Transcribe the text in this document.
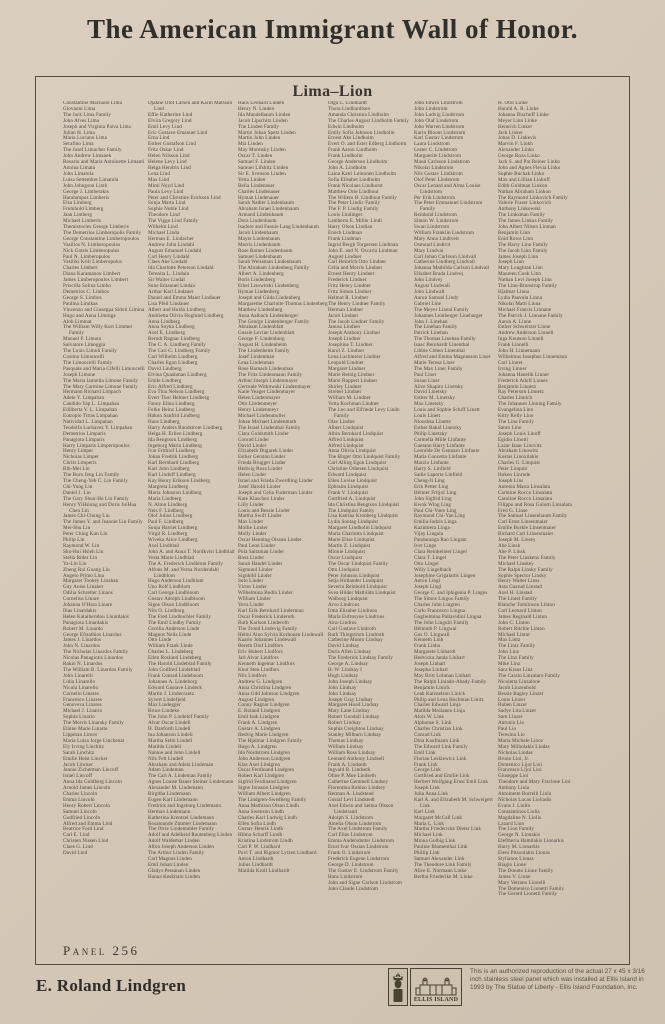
The American Immigrant Wall of Honor.
Lima–Lion
Constantine Machado Lima
Giovanni Lima
The Jack Lima Family
John Alves Lima
Joseph and Virginia Paiva Lima
Julian H. Lima
Maria Luciano Lima
Serafino Lima
The Josef Limacher Family
John Andrew Limanek
Rosario and Maria Antoinette Limanti
Annina Limata
John Limatola
Luisa Settembre Limatola
John Johngson Limb
George J. Limberakis
Haralampos Limberis
Elsa Limberg
Fromhold Limberg
Jaan Limberg
Michael Limberis
Themistocles George Limberis
The Demetrios Limberopolis Family
George Constantine Limberopoulos
Vasilios N. Limberopoulos
Nick Gotsis Limberopulos
Paul N. Limberopulos
Vasiliki Krili Limberopulos
Charles Limbert
Diana Karamanou Limbert
James Limberopoulos Limbert
Priscilla Solina Limbo
Demetrios C. Limbos
George S. Limbos
Paulina Limikas
Vincenzo and Giuseppa Sidoti Limina
Hugo and Anna Liminga
Aloh Limmat
The William Willy Kurt Limmer Family
Manuel F. Limoto
Salvatore Limoggia
The Louis Limoli Family
Cosimo Limoncelli
The Limoncelli Family
Pasquale and Maria Cifelli Limoncelli
Joseph Limone
The Maria Iannella Limone Family
The Mary Carmine Limone Family
Hermann Richard Limpach
Adele Y. Limpahan
Candido Yap L. Limpahan
Edilberta Y. L. Limpahan
Eutropio Tittas Limpahan
Natividad L. Limpahan
Teodolfa Luchavez Y. Limpahan
Demetrios Limparis
Panagiota Limparis
Harry Limparis Limperopoulos
Henry Limper
Nicholas Limper
Christ Limperis
Bih-Mei Lin
The Burn Jeng Lin Family
The Cheng-Yeh C. Lin Family
Chi-Yung Lin
Daniel J. Lin
The Gary Shun-Ho Lin Family
Henry YiHsiung and Doris JuiHua Chen Lin
James Chi-Chung Lin
The James Y. and Jeannie Lin Family
Mei-Shu Lin
Peter Ching Kun Lin
Philip Lin
Raymond W. Lin
Shu-Hui Hsieh Lin
Stella Rider Lin
Ya-Lin Lin
Zheng Rui Guang Lin
Angelo Primo Lina
Margaret Toohey Linahan
Guy Anise Linaker
Odilia Schretter Linaos
Cornelius Linare
Johanna O'Hara Linare
Ilias Linardakis
Helen Kalaiberidou Linardakis
Panagiota Linardakis
Robert M. Linardo
George Efstathios Linardos
James J. Linardos
John N. Linardos
The Nicholas Linardos Family
Nicolas Panagiotis Linardos
Rakin N. Linardos
The William B. Linardos Family
John Linarelli
Lidia Linarello
Nicola Linarello
Cornelio Linares
Francesco Linares
Genoveva Linares
Michael J. Linario
Sophia Linario
The Morris Linarsky Family
Elaine Marie Linarte
Lippman Lincer
Maria Luisa Jorge Linchenat
Ely Irving Linchitz
Sarah Linchitz
Emilie Heist Lincker
Jacob Lincker
Jannie Zicherman Lincoff
Israel Lincoff
Anna Ida Goldberg Lincoln
Arnold James Lincoln
Charles Lincoln
Emma Lincoln
Henry Robert Lincoln
Samuel Lincoln
Godfried Lincoln
Alfred and Emma Lind
Beatrice Ford Lind
Carl E. Lind
Christen Nissen Lind
Claes G. Lind
David Lind
Djakne Olof Larsen and Karin Matsson Lind
Effie Katherine Lind
Elvira Gregory Lind
Emil Levy Lind
Eric Gustave Emanuel Lind
Erna Lind
Esther Gustafson Lind
Fritz Oskar Lind
Helen Nilsson Lind
Helene Levy Lind
Helga Hendrix Lind
Lena Lind
Max Lind
Mimi Noyd Lind
Paula Levy Lind
Peter and Christine Erickson Lind
Sonja Marta Lind
Sophie Noble Lind
Theodore Lind
The Viggo Lind Family
Wilhelm Lind
Michael Linda
Herman E. Lindacher
Andrew John Lindahl
August Emanuel Lindahl
Carl Henry Lindahl
Claes Ake Lindahl
Ida Charlotte Peterson Lindahl
Terenita L. Lindain
Sir Walter Lindal
Sune Emanuel Lindau
Arthur Karl Lindauer
Daniel and Emma Maier Lindauer
Lisa Pfeil Lindauer
Albert and Hulda Lindberg
Andrietta Olivia Hoglund Lindberg
Anna Lindberg
Anna Soyka Lindberg
Axel E. Lindberg
Berndt Ragnar Lindberg
The C. A. Lindberg Family
The Carl G. Lindberg Family
Carl Wilhelm Lindberg
Charles Egon Lindberg
David Lindberg
Elvina Quashman Lindberg
Emile Lindberg
Eric Alfred Lindberg
Eva Thia Nelson Lindberg
Evert Thor Helmer Lindberg
Fanny Elina Lindberg
Folke Heinz Lindberg
Hakon Sanfrid Lindberg
Hans Lindberg
Harry Anders Rundstrom Lindberg
Helga H. Erlien Lindberg
Ida Bengtson Lindberg
Ingeborg Maria Lindberg
Ivar Frithiof Lindberg
Johan Fredrik Lindberg
Karl Bernhard Lindberg
Karl John Lindberg
Karl Lindoff Lindberg
Kay Henry Erikson Lindberg
Margreta Lindberg
Maria Johnston Lindberg
Maria Lindberg
N. Alton Lindberg
Nels F. Lindberg
Olof Julius Lindberg
Paul F. Lindberg
Sonja Harriet Lindberg
Virgil R. Lindberg
Wiveka Alice Lindberg
Axel Lindblad
John A. and Anna T. Nordkvist Lindblad
Vesta Marie Lindblad
The A. Frederick Lindblom Family
Alfons M. and Verna Nordendahl Lindblom
Hugo Anderson Lindblom
Uno Rolf Lindblom
Carl George Lindbloom
Gustav Adolph Lindbloom
Signe Olson Lindbloom
Nils O. Lindborg
The Fred Lindbuchler Family
The Emil Lindby Family
Cecelia Anderson Linde
Magnus Neils Linde
Otto Linde
William Frank Linde
Charles L. Lindeberg
Ellen Roslund Lindeberg
The Harold Lindeblad Family
John Godfred Lindeblad
Frank Conrad Lindeboom
Johannes A. Lindeborg
Edward Gustave Lindeck
Martin J. Lindecrantz
Syvert Lindefjeld
Max Lindegger
Bruce Lindeke
The John P. Lindelof Family
Alvar Oscar Lindell
H. Danforth Lindell
Ina Johanson Lindell
Martha Selm Lindell
Matilda Lindell
Nannie and John Lindell
Nils Felt Lindell
Abraham and Adela Lindeman
Adam Lindeman
The Carl A. Lindeman Family
Agnes Louise Bauer Steiner Lindemann
Alexander M. Lindemann
Birgitha Lindemann
Eugen Karl Lindemann
Fredrick and Ingeburg Lindemann
Herman Lindemann
Katherina Krentzel Lindemann
Rosamunde Zimmer Lindemann
The Orrie Lindemulder Family
Adolf and Adelheid Rautenberg Linden
Adolf Waldemar Linden
Albin Joseph Anderson Linden
The Arthur Linden Family
Carl Magnus Linden
Emil Johan Linden
Gladys Pessanan Linden
Hanna Keskitalo Linden
Hans Leonard Linden
Henry N. Linden
Ida Mandelbaum Linden
Jacob Lipschitz Linden
The Linden Family
Martin Johan Spetz Linden
Martin John Linden
Mia Linden
May Moretsky Linden
Oscar T. Linden
Samuel F. Linden
Samuel Lifshitz Linden
Sir E. Svenson Linden
Yetta Linden
Bella Lindenauer
Charles Lindenauer
Hyman Lindenauer
Sarah Nadler Lindenbaum
Abraham Israel Lindenbaum
Armand Lindenbaum
Dora Lindenbaum
Isadore and Fannie Lang Lindenbaum
Jacob Lindenbaum
Mayer Lindenbaum
Morris Lindenbaum
Rose Barner Lindenbaum
Samuel Lindenbaum
Sarah Weissman Lindenbaum
The Abraham Lindenberg Family
Albert A. Lindenberg
Boris Lindenberg
Ethel Lisowitski Lindenberg
Hyman Lindenberg
Joseph and Gilda Lindenberg
Margarethe Charlotte Thomas Lindenberg
Matthew Lindenberg
Anna Aalbach Lindenberger
The George Lindenberger Family
Abraham Lindenblatt
Gussie Levine Lindenblatt
George F. Lindenburg
August H. Lindenheim
The Lindenheim Family
Josef Lindenman
Lena Lindenman
Rose Barnack Lindenman
The Fritz Lindenmann Family
Arthur Joseph Lindenmayer
Gertrude Witkowski Lindenmayer
Katie Yeager Lindenmayer
Helen Lindenmayer
Otto Lindenmeyer
Henry Lindenmeyr
Michael Lindenmuller
Johan Michael Lindenmuth
The Israel Lindenthal Family
Clara Goldsmith Linder
Conrad Linder
David Linder
Elizabeth Dugarek Linder
Esther Gerston Linder
Frieda Brugger Linder
Hedwig Rosa Linder
Helen Linder
Israel and Frieda Zwerdling Linder
Josef Harold Linder
Joseph and Celia Fuderman Linder
Kate Klaschen Linder
Lilly Linder
Louis and Bessie Linder
Martha Swift Linder
Max Linder
Mollie Linder
Molly Linder
Oscar Henning Olsson Linder
Paul Leon Linder
Pola Saltzman Linder
Rosa Linder
Sarah Handel Linder
Sigmund Linder
Signhild Linder
Sulo Linder
Victor Linder
Wilhelmina Bodin Linder
William Linder
Yeva Linder
Karl Erik Bernhard Linderman
Oscar Frederick Linderoth
Ruth Karlson Linderoth
The Trond Lindevig Family
Helmi Aino Sylvia Korhonen Lindewall
Kaarlo Johannes Lindewall
Bereth Olof Lindfors
Eric Hubert Lindfors
Jarl Alvar Lindfors
Kenneth Ingemar Lindfors
Knut Sten Lindfors
Nils Lindfors
Andrew G. Lindgren
Anna Christina Lindgren
Anna Udd Johnson Lindgren
August Lindgren
Conny Ragnar Lindgren
E. Roland Lindgren
Emil Isak Lindgren
Frank A. Lindgren
Gustav A. Lindgren
Hedvig Marie Lindgren
The Hjalmar Lindgren Family
Hugo A. Lindgren
Ida Nordstrom Lindgren
John Anderson Lindgren
Klas Axel Lindgren
Oscar Ferdinand Lindgren
Robert Karl Lindgren
Sigfrid Ferdinand Lindgren
Signe Jonsson Lindgren
William Albert Lindgren
The Lindgren-Swedberg Family
Anna Mathison Olson Lindh
Anna Swenson Lindh
Charles Karl Ludwig Lindh
Ellen Sofia Lindh
Gustav Henrik Lindh
Hilma Scharff Lindh
Kristina Lindstrom Lindh
Carl P. W. Lindhard
Povl T. and Rigmor Lytzen Lindhard
Anton Lindhardt
Julius Lindhardt
Matilda Kroll Lindhardt
Olga C. Lindhardt
Thora Lindhardtsen
Amanda Christina Lindholm
The Charles August Lindholm Family
Edwin Lindholm
Emily Sofia Johnson Lindholm
Ernest Ake Lindholm
Evert O. and Ester Edberg Lindholm
Frank Aaron Lindholm
Frank Lindholm
George Anderson Lindholm
John A. Lindholm
Laina Katri Leinonen Lindholm
Sofia Elisabet Lindholm
Frank Nicolaus Lindhorst
Matthew Orie Lindhout
The Willem H. Lindhout Family
The Peter Lindic Family
The F. P. Lindig Family
Louis Lindinger
Lamberta E. Miller Lindl
Harry Olson Lindlan
Enoch Lindman
Frank Lindman
Ingrid Bergh Torgersen Lindman
John E. and N. Oscaria Lindman
August Lindner
Carl Heinrich Otto Lindner
Celia and Morris Lindner
Ernest Henry Lindner
Frederick Lindner
Fritz Henry Lindner
Fritz Simon Lindner
Helmut R. Lindner
The Henry Lindner Family
Herman Lindner
Jacob Lindner
The Jacob Lindner Family
Janusz Lindner
Joseph Anthony Lindner
Joseph Lindner
Josephine T. Lindner
Karol Z. Lindner
Lena Lachmeier Lindner
Leopold Lindner
Margaret Lindner
Marie Reinig Lindner
Marie Ruppert Lindner
Shirley Lindner
Strebel Lindner
William M. Lindner
Yetta Kochman Lindner
The Leo and Elfriede Levy Lindo Family
Olav Lindoe
Albert Lindquist
Albin Bernhard Lindquist
Alfred Lindquist
Alfred Lindquist
Anna Olivia Lindquist
The Birger Otto Lindquist Family
Carl Alling Egon Lindquist
Christine Orbesen Lindquist
Edward Lindquist
Ellen Lovise Lindquist
Ephraim Lindquist
Frank V. Lindquist
Gottfried A. Lindquist
Ida Christina Bengtson Lindquist
The Lindquist Family
Lisa Katrina Kronberg Lindquist
Lydia Sontag Lindquist
Margaret Lindholm Lindquist
Maria Charlotta Lindquist
Marie Elise Lindquist
Martin Z. Lindquist
Minnie Lindquist
Oscar Lindquist
The Oscar Lindquist Family
Otto Lindquist
Peter Johnson Lindquist
Selja Hollander Lindquist
Severin Reinhold Lindquist
Svea Hilder Mathilda Lindquist
Walborg Lindquist
Arvo Lindroos
Irma Elisabet Lindroos
Maria Eufrosyne Lindroos
Aino Lindros
Carl Gustave Lindroth
Ruth Thingstrom Lindroth
Catherine Munro Lindsay
David Lindsay
Doris Allen Lindsay
The Frederick Lindsay Family
George A. Lindsay
H. W. Lindsay I
Hugh Lindsay
John Joseph Lindsay
John Lindsay
John Lindsay
Joseph Gray Lindsay
Margaret Hood Lindsay
Mary Lane Lindsay
Robert Goodall Lindsay
Robert Lindsay
Sophia Creighton Lindsay
Stanley Milburn Lindsay
Thomas Lindsay
William Lindsay
William Ross Lindsay
Leonard Anthony Lindsell
Frank A. Lindseth
Ingvald B. Lindseth
Oline P. Moe Lindseth
Catherine Gemmell Lindsey
Florentina Rubino Lindsey
Herman A. Lindstead
Gustaf Levi Lindstedt
Axel Edwin and Selma Olsson Lindstrand
Adolph S. Lindstrom
Amelia Olson Lindstrom
The Axel Lindstrom Family
Carl Elias Lindstrom
Emma Andersdotter Lindstrom
Ernst Ivar Ossian Lindstrom
Frank O. Lindstrom
Frederick Eugene Lindstrom
George D. Lindstrom
The Gustav E. Lindstrom Family
Hans Lindstrom
John and Signe Carlson Lindstrom
John Claude Lindstrom
John Edwin Lindstrom
John Lindstrom
John Ludvig Lindstrom
John Olaf Lindstrom
John Warren Lindstrom
Karin Bloom Lindstrom
Karl Gustav Lindstrom
Laura Lindstrom
Lester C. Lindstrom
Marguerite Lindstrom
Maud Carlsson Lindstrom
Nikolai Lindstrom
Nils Gustav Lindstrom
Olof Peter Lindstrom
Oscar Lenard and Alma Louise Lindstrom
Per Erik Lindstrom
The Peter Emmanuel Lindstrom Family
Reinhold Lindstrom
Simon W. Lindstrom
Swan Lindstrom
William Franklin Lindstrom
Mary Anna Lindtveit
Osmund Lindtvit
Mary Lindvai
Carl Johan Carlsson Lindvall
Catherine Lindberg Lindvall
Johanna Mathilda Carlson Lindvall
Elisabet Brada Lindvej
John Lindvej
August Lindwall
John Lindwall
Aaron Samuel Lindy
Gabriel Line
The Meyer Lineal Family
Johannes Leinberger Linebarger
John J. Linehan
The Linehan Family
Patrick Linehan
The Thomas Linehan Family
Isaac Bernhardt Linenthal
Libbie Cohen Linenthal
Alfred and Emma Magnusson Liner
Marie Teresa Liner
The Max Liner Family
Paul Liner
Susan Liner
Alice Shapiro Linetsky
David Linetsky
Esther M. Linetsky
Max Linetsky
Louis and Sophie Schiff Linett
Louis Linett
Nioushka Linette
Esther Bakal Linetzky
Philip Linetzky
Carmella Mille Linfante
Gaetano Harry Linfante
Leonilde De Gennaro Linfante
Maria Concetta Linfante
Marzio Linfante
Harry S. Linfield
Sadie Laporte Linfield
Cheng-Ji Ling
Erik Petter Ling
Helmer Fritjof Ling
John Sigfrid Ling
Kwok Wing Ling
Paul Chi-Yuen Ling
Raymond Chi-Yan Ling
Emilia Jodzis Linga
Kazimiera Linga
Vijay Lingala
Panduranga Rao Lingam
Iver Linge
Clara Reinheimer Lingel
Clara T. Lingel
Otto Lingel
Willy Lingelbach
Josephine Grigalaitis Lingen
Anton Lingl
Joseph Lingl
George C. and Iphigenia P. Lingos
The Simos Lingos Family
Charles John Lingren
Carlo Francesco Lingua
Guglielmina Pallavidini Lingua
The John Linguiti Family
Helmuth P. Lingwai
Gus O. Lingwall
Kenneth Linh
Frank Linha
Margarete Linhardt
Hedvicka Janda Linhart
Joseph Linhart
Josepha Linhart
May Britt Lohman Linhart
The Ralph Liniado-Abady Family
Benjamin Linick
Leah Katznelson Linick
Philip and Lena Hochman Linitz
Charles Edward Linja
Matilda Moilanen Linja
Alois W. Link
Alphonse S. Link
Charles Christian Link
Conrad Link
Dina Kaufmann Link
The Edward Link Family
Emil Link
Florian Leskiewicz Link
Frank Link
George Link
Gottfried and Emilie Link
Herbert Wolfgang Ernst Emil Link
Joseph Link
Julia Anna Link
Karl A. and Elizabeth M. Schweigert Link
Karl Link
Margaret McCall Link
Maria L. Link
Martha Friedericke Dieter Link
Michael Link
Minna Golbig Link
Pauline Blumenthal Link
Phillip Link
Samuel Alexander Link
The Theodore Link Family
Alice E. Normann Linke
Bertha Friederike M. Linke
H. Otto Linke
Harald A. B. Linke
Johanna Bischoff Linke
Meyer Linn Linke
Heinrich Linker
Jack Linker
Jonas D. Linkevis
Marvin F. Linkh
Alexander Linko
George Roza Linko
Jack S. and Pat Reiner Linko
John and Agnes Flevia Linko
Sophie Buchak Linko
Max and Lillian Linkoff
Edith Goldman Linkon
Nathan Abraham Linkon
The Raymond Linkovich Family
Valerie Fraser Linkovich
Anthony Linkowski
The Linksman Family
The James Linkus Family
John Albert Nilsen Linman
Benjamin Linn
Enid Rowe Linn
The Harry Linn Family
The Jacob Linn Family
James Joseph Linn
Joseph Linn
Mary Loughran Linn
Maureen Cook Linn
Nathan Levi Joseph Linn
The Linn-Brunstrup Family
Hjalmar Linna
Lydia Paavola Linna
Nikolai Matti Linna
Michael Francis Linnane
The Patrick J. Linnane Family
Aaron A. Linne
Esther Schweitzer Linne
Andrew Anderson Linnell
Inga Knutson Linnell
Frank Linnelli
John H. Linnemann
Wilhelmus Josephus Linnemann
Carl Linner
Irving Linner
Johanna Hanelik Linner
Frederick Adolf Linnes
Benjamin Linnetz
Ray Peterson Linnetz
Charles Linnich
The Johannes Linning Family
Evangelina Lino
Kitty Kelly Lino
The Lino Family
Santo Lino
Joseph Louis Linoff
Egidio Linotti
Lazar Isaac Linovitz
Abraham Linowitz
Kostas Linoxilakis
Charles G. Linquist
Peter Linquiti
Hoken Linrude
Joseph Lins
Antonia Maria Linsalata
Carmine Rocco Linsalata
Caroline Rocco Linsalata
Filippo and Rosa Gulotti Linsalata
Fred G. Linse
The Samuel Linsenbaum Family
Carl Ernst Linsenmaier
Emilie Burkle Linsenmaier
Richard Carl Linsenmaier
Joseph M. Linsey
Abe Linsk
Abe P. Linsk
The Peter Linskens Family
Michael Linskey
The Ralph Linsky Family
Sophie Spector Linsky
Henry Walter Linss
Asta Gaarud Linstad
Axel H. Linstad
The Lintel Family
Blanche Tomlinson Linton
Carl Leonard Linton
James Reginald Linton
John C. Linton
Robert Ritchie Linton
Michael Lintur
Max Lintz
The Lintz Family
John Linz
The Linz Family
Mike Linz
Sara Kraus Linz
The Carzio Linzalaro Family
Nicoletta Linzalone
Jacob Linzenbold
Bessie Bagley Linzer
Louis Linzer
Ruben Linzer
Sadye Lita Linzer
Sam Linzer
Antonio Lio
Paul Lio
Teresina Lio
Maria Michele Lioce
Mary Milholakis Liodas
Nicholas Liodas
Bruno Lioi, Jr.
Domenico Lijoi Lioi
Francesco Lijoi Lioi
Giuseppe Lioi
Theodore and Mary Fracione Lioi
Anthony Liola
Antoinette Borrelli Liola
Nicholas Lucas Lioliadis
Evans J. Liolin
Constantinos Liolis
Magdaline N. Liolis
Lazard Lion
The Lion Family
George N. Lionakis
Eleftheria Hamilakis Lionarkis
Harry M. Lionarkis
Eleni Pitsoulakis Lionas
Stylianos Lionas
Biagio Lione
The Donato Lione Family
James V. Lione
Mary Vetrano Lionelli
The Domenico Lionetti Family
The Gerard Lionetti Family
Panel 256
E. Roland Lindgren
ELLIS ISLAND
This is an authorized reproduction of the actual 27 x 45 x 3/16 inch stainless steel panel which was installed at Ellis Island in 1993 by The Statue of Liberty - Ellis Island Foundation, Inc.
